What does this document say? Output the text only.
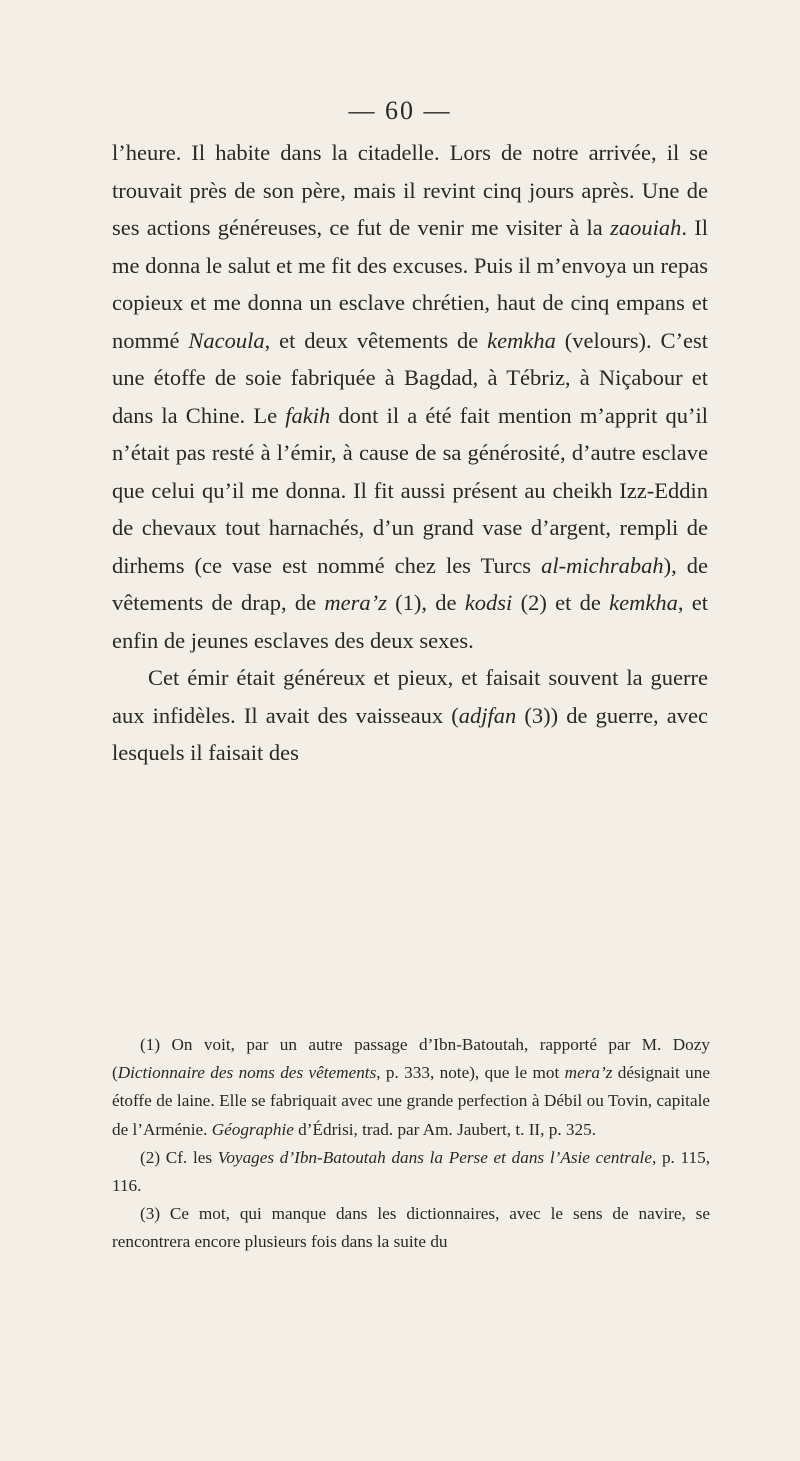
— 60 —

l’heure. Il habite dans la citadelle. Lors de notre arrivée, il se trouvait près de son père, mais il revint cinq jours après. Une de ses actions généreuses, ce fut de venir me visiter à la zaouiah. Il me donna le salut et me fit des excuses. Puis il m’envoya un repas copieux et me donna un esclave chrétien, haut de cinq empans et nommé Nacoula, et deux vêtements de kemkha (velours). C’est une étoffe de soie fabriquée à Bagdad, à Tébriz, à Niçabour et dans la Chine. Le fakih dont il a été fait mention m’apprit qu’il n’était pas resté à l’émir, à cause de sa générosité, d’autre esclave que celui qu’il me donna. Il fit aussi présent au cheikh Izz-Eddin de chevaux tout harnachés, d’un grand vase d’argent, rempli de dirhems (ce vase est nommé chez les Turcs al-michrabah), de vêtements de drap, de mera’z (1), de kodsi (2) et de kemkha, et enfin de jeunes esclaves des deux sexes.

Cet émir était généreux et pieux, et faisait souvent la guerre aux infidèles. Il avait des vaisseaux (adjfan (3)) de guerre, avec lesquels il faisait des

(1) On voit, par un autre passage d’Ibn-Batoutah, rapporté par M. Dozy (Dictionnaire des noms des vêtements, p. 333, note), que le mot mera’z désignait une étoffe de laine. Elle se fabriquait avec une grande perfection à Débil ou Tovin, capitale de l’Arménie. Géographie d’Édrisi, trad. par Am. Jaubert, t. II, p. 325.

(2) Cf. les Voyages d’Ibn-Batoutah dans la Perse et dans l’Asie centrale, p. 115, 116.

(3) Ce mot, qui manque dans les dictionnaires, avec le sens de navire, se rencontrera encore plusieurs fois dans la suite du
